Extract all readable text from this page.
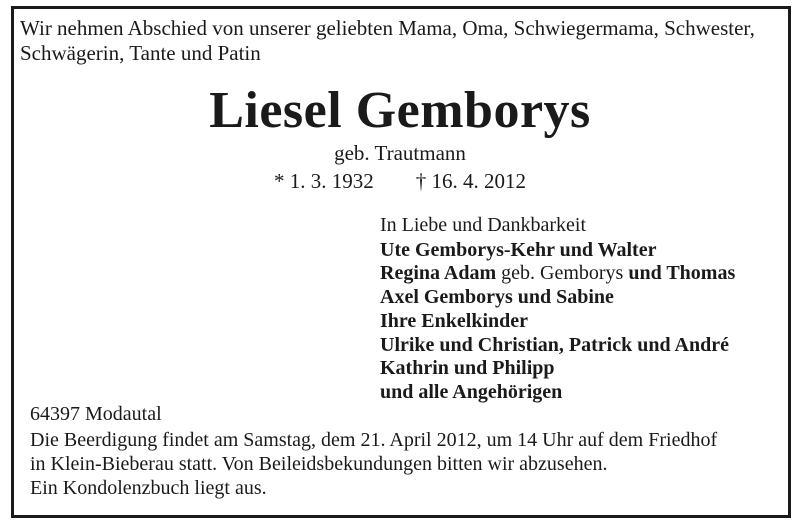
Wir nehmen Abschied von unserer geliebten Mama, Oma, Schwiegermama, Schwester, Schwägerin, Tante und Patin
Liesel Gemborys
geb. Trautmann
* 1. 3. 1932 † 16. 4. 2012
In Liebe und Dankbarkeit
Ute Gemborys-Kehr und Walter
Regina Adam geb. Gemborys und Thomas
Axel Gemborys und Sabine
Ihre Enkelkinder
Ulrike und Christian, Patrick und André
Kathrin und Philipp
und alle Angehörigen
64397 Modautal
Die Beerdigung findet am Samstag, dem 21. April 2012, um 14 Uhr auf dem Friedhof
in Klein-Bieberau statt. Von Beileidsbekundungen bitten wir abzusehen.
Ein Kondolenzbuch liegt aus.
